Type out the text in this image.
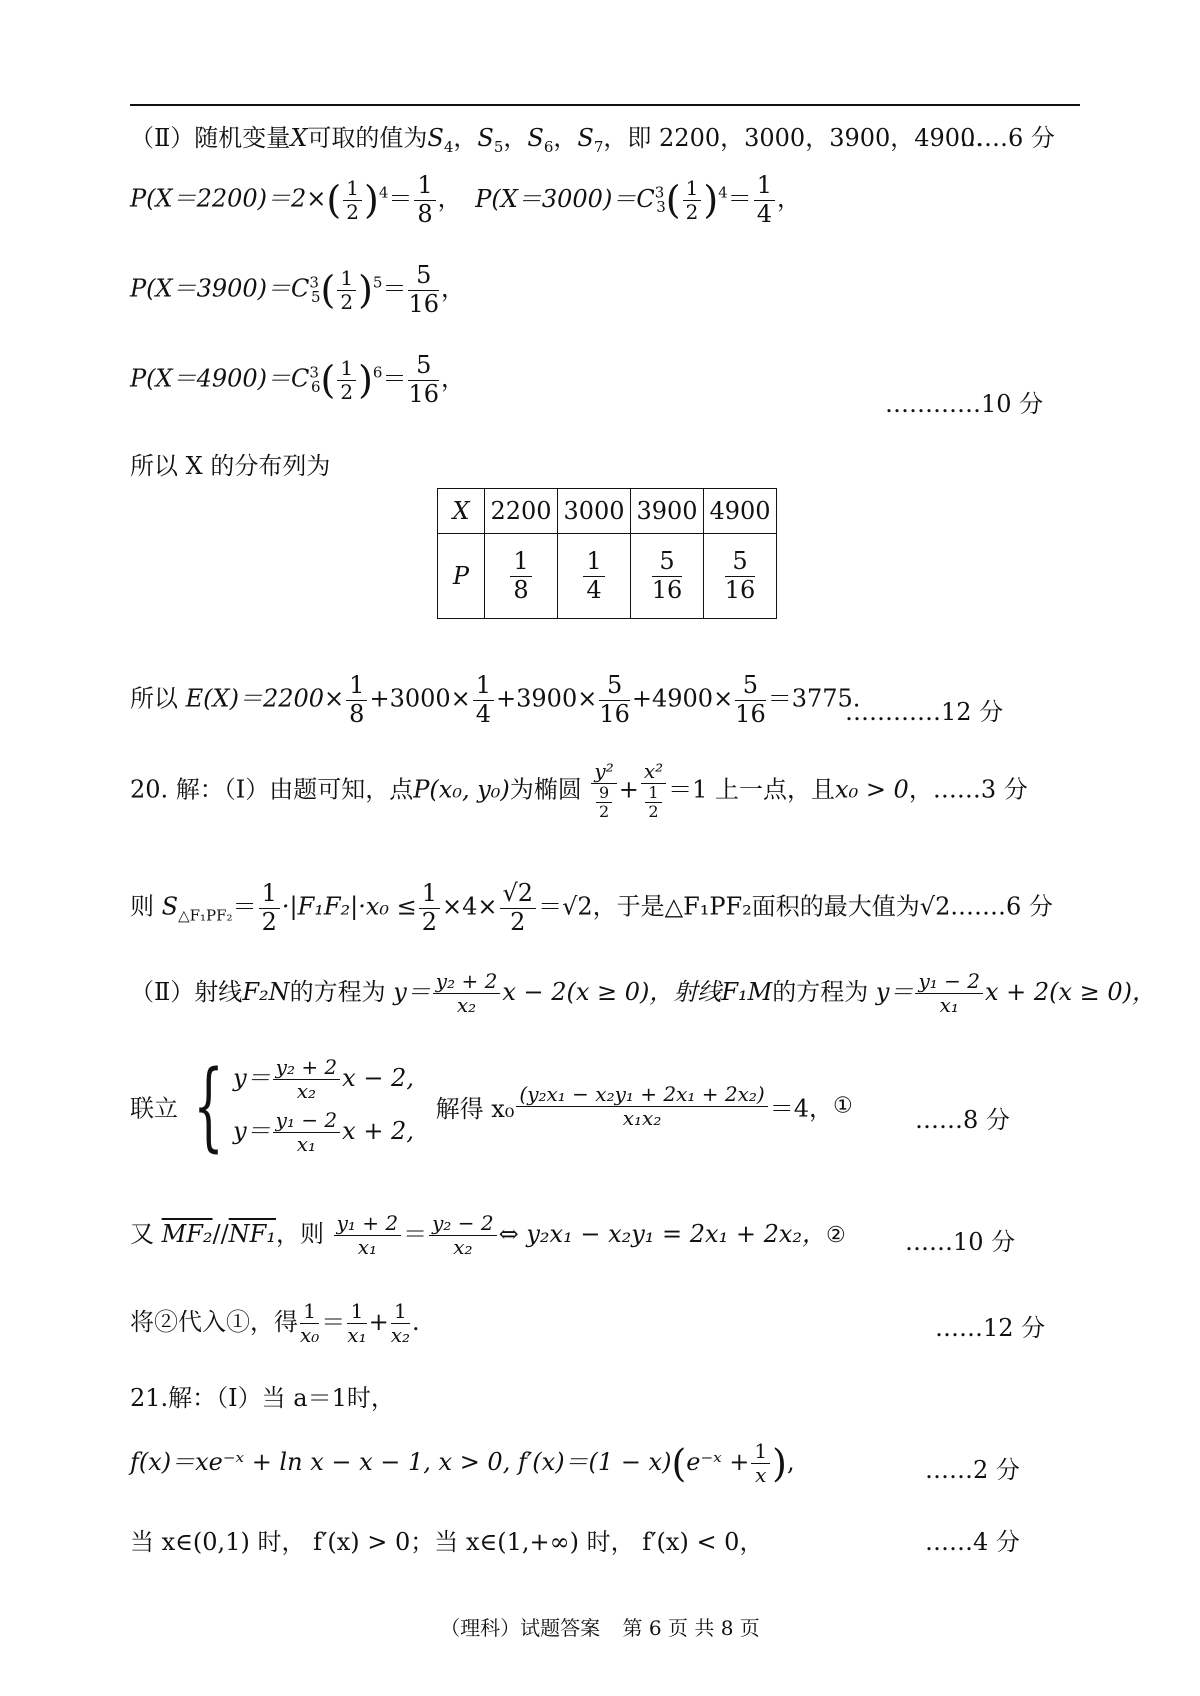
（Ⅱ）随机变量X可取的值为$S_4$，$S_5$，$S_6$，$S_7$，即 2200，3000，3900，4900.
……6 分
$P(X=2200)=2\times( \frac{1}{2} )^4= \frac{1}{8}$ ， $P(X=3000)=C^3_3( \frac{1}{2} )^4= \frac{1}{4}$ ，
$P(X=3900)=C^3_5( \frac{1}{2} )^5= \frac{5}{16}$ ，
$P(X=4900)=C^3_6( \frac{1}{2} )^6= \frac{5}{16}$ ，
…………10 分
所以 X 的分布列为
X	2200	3000	3900	4900
P	$\frac{1}{8}$	$\frac{1}{4}$	$\frac{5}{16}$	$\frac{5}{16}$
所以 $E(X)=2200\times \frac{1}{8} +3000\times \frac{1}{4} +3900\times \frac{5}{16} +4900\times \frac{5}{16} =3775$.
…………12 分
20. 解：（Ⅰ）由题可知，点P(x₀, y₀)为椭圆 $\frac{\text{y²}}{\frac{9}{2}} + \frac{\text{x²}}{\frac{1}{2}} =1$ 上一点，且x₀ > 0，……3 分
则 $S_{\triangle F_1PF_2}= \frac{1}{2} \cdot|F_1F_2|\cdot x_0 \le \frac{1}{2} \times 4\times \frac{√2}{2} =√2$，于是△F₁PF₂面积的最大值为√2.……6 分
（Ⅱ）射线F₂N的方程为 $y= \frac{\text{y₂ + 2}}{\text{x₂}}$ x − 2(x ≥ 0)，射线F₁M的方程为 $y= \frac{\text{y₁ − 2}}{\text{x₁}}$ x + 2(x ≥ 0)，
联立 { $y= \frac{\text{y₂ + 2}}{\text{x₂}}$ x − 2,
$y= \frac{\text{y₁ − 2}}{\text{x₁}}$ x + 2,
解得 $x_0 \frac{\text{(y₂x₁ − x₂y₁ + 2x₁ + 2x₂)}}{\text{x₁x₂}} =4$，①	……8 分
又 MF₂//NF₁，则 $\frac{\text{y₁ + 2}}{\text{x₁}} = \frac{\text{y₂ − 2}}{\text{x₂}}$ ⇔ y₂x₁ − x₂y₁ = 2x₁ + 2x₂，② ……10 分
将②代入①，得 $\frac{1}{\text{x₀}} = \frac{1}{\text{x₁}} + \frac{1}{\text{x₂}}$ .	……12 分
21.解：（Ⅰ）当 a＝1时，
f(x)＝xe⁻ˣ + ln x − x − 1, x > 0, f′(x)＝(1 − x)(e⁻ˣ + $\frac{1}{x}$ ),	……2 分
当 x∈(0,1) 时， f′(x) > 0；当 x∈(1,+∞) 时， f′(x) < 0，	……4 分
（理科）试题答案 第 6 页 共 8 页
